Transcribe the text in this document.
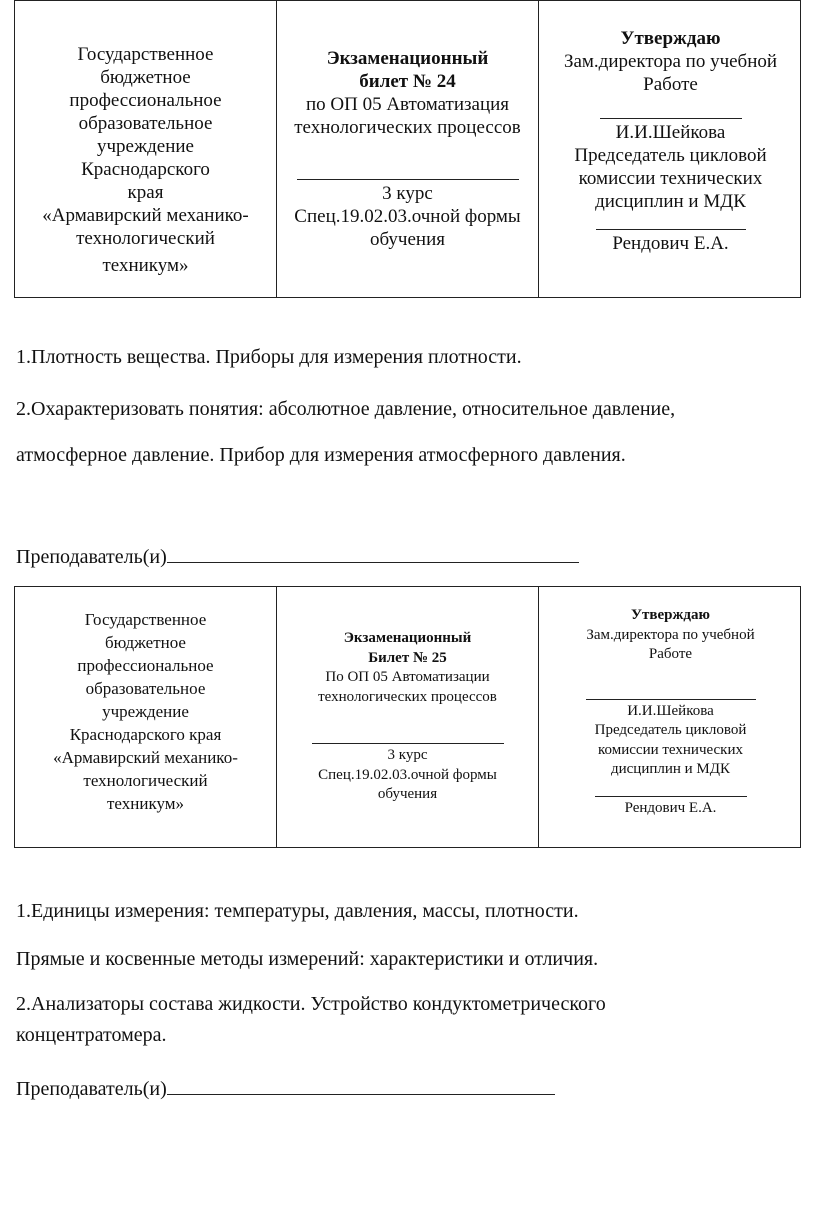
Государственное
бюджетное
профессиональное
образовательное
учреждение
Краснодарского
края
«Армавирский механико-
технологический
техникум»
Экзаменационный
билет № 24
по ОП 05 Автоматизация
технологических процессов
3 курс
Спец.19.02.03.очной формы
обучения
Утверждаю
Зам.директора по учебной
Работе
И.И.Шейкова
Председатель цикловой
комиссии технических
дисциплин и МДК
Рендович Е.А.
1.Плотность вещества. Приборы для измерения плотности.
2.Охарактеризовать понятия: абсолютное давление, относительное давление,
атмосферное давление. Прибор для измерения атмосферного давления.
Преподаватель(и)
Государственное
бюджетное
профессиональное
образовательное
учреждение
Краснодарского края
«Армавирский механико-
технологический
техникум»
Экзаменационный
Билет № 25
По ОП 05 Автоматизации
технологических процессов
3 курс
Спец.19.02.03.очной формы
обучения
Утверждаю
Зам.директора по учебной
Работе
И.И.Шейкова
Председатель цикловой
комиссии технических
дисциплин и МДК
Рендович Е.А.
1.Единицы измерения: температуры, давления, массы, плотности.
Прямые и косвенные методы измерений: характеристики и отличия.
2.Анализаторы состава жидкости. Устройство кондуктометрического
концентратомера.
Преподаватель(и)
